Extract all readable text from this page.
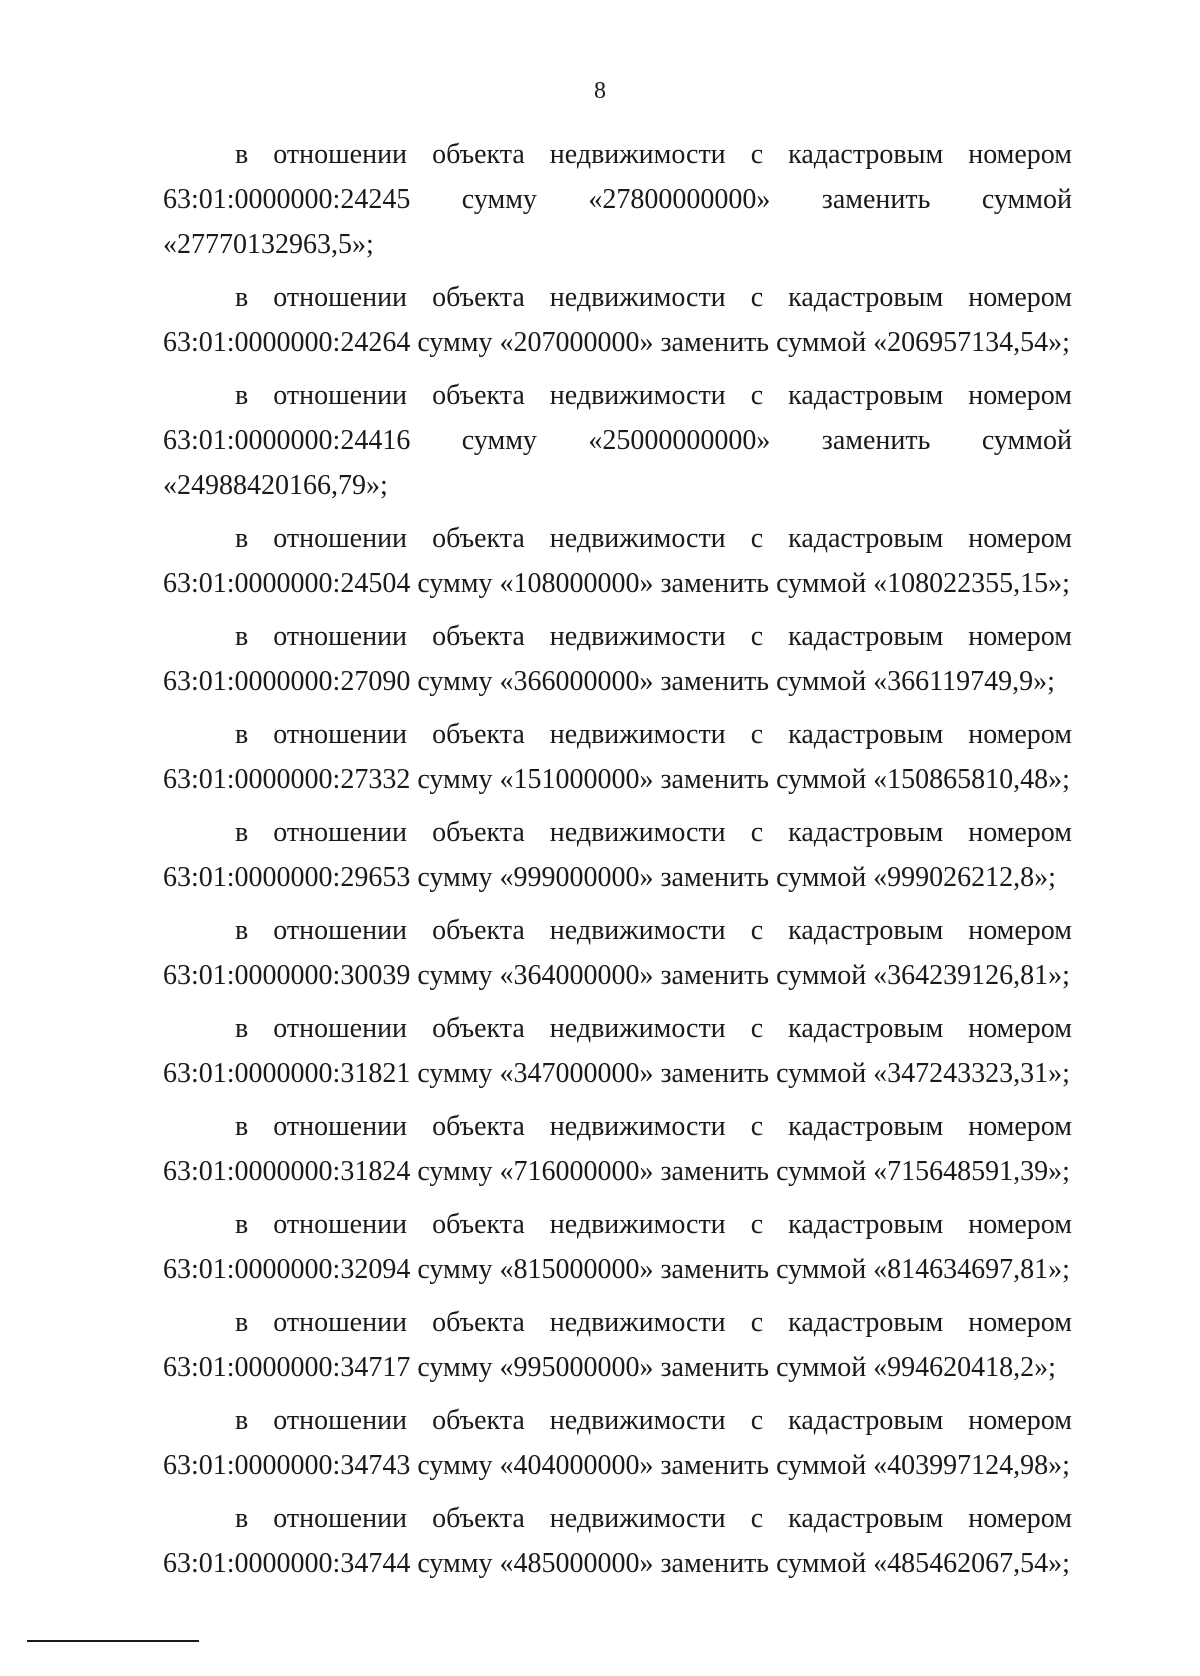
8
в отношении объекта недвижимости с кадастровым номером
63:01:0000000:24245 сумму «27800000000» заменить суммой
«27770132963,5»;
в отношении объекта недвижимости с кадастровым номером
63:01:0000000:24264 сумму «207000000» заменить суммой «206957134,54»;
в отношении объекта недвижимости с кадастровым номером
63:01:0000000:24416 сумму «25000000000» заменить суммой
«24988420166,79»;
в отношении объекта недвижимости с кадастровым номером
63:01:0000000:24504 сумму «108000000» заменить суммой «108022355,15»;
в отношении объекта недвижимости с кадастровым номером
63:01:0000000:27090 сумму «366000000» заменить суммой «366119749,9»;
в отношении объекта недвижимости с кадастровым номером
63:01:0000000:27332 сумму «151000000» заменить суммой «150865810,48»;
в отношении объекта недвижимости с кадастровым номером
63:01:0000000:29653 сумму «999000000» заменить суммой «999026212,8»;
в отношении объекта недвижимости с кадастровым номером
63:01:0000000:30039 сумму «364000000» заменить суммой «364239126,81»;
в отношении объекта недвижимости с кадастровым номером
63:01:0000000:31821 сумму «347000000» заменить суммой «347243323,31»;
в отношении объекта недвижимости с кадастровым номером
63:01:0000000:31824 сумму «716000000» заменить суммой «715648591,39»;
в отношении объекта недвижимости с кадастровым номером
63:01:0000000:32094 сумму «815000000» заменить суммой «814634697,81»;
в отношении объекта недвижимости с кадастровым номером
63:01:0000000:34717 сумму «995000000» заменить суммой «994620418,2»;
в отношении объекта недвижимости с кадастровым номером
63:01:0000000:34743 сумму «404000000» заменить суммой «403997124,98»;
в отношении объекта недвижимости с кадастровым номером
63:01:0000000:34744 сумму «485000000» заменить суммой «485462067,54»;
